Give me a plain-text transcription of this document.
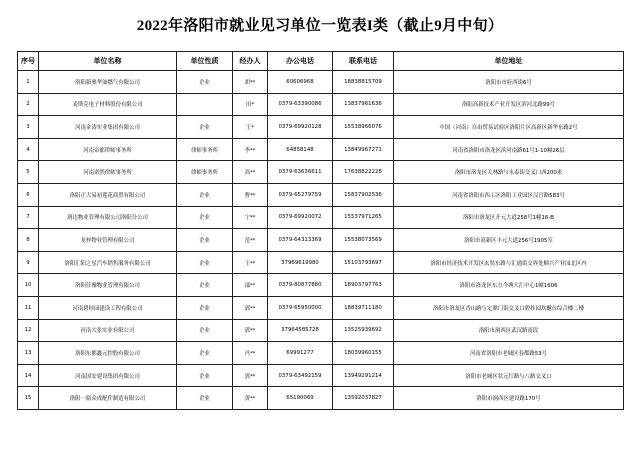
2022年洛阳市就业见习单位一览表I类（截止9月中旬）
序号	单位名称	单位性质	经办人	办公电话	联系电话	单位地址
1	洛阳新奥华油燃气有限公司	企业	胡**	60606968	18838815709	洛阳市市府西街6号
2	麦斯克电子材料股份有限公司		田*	0379-63390086	13837961636	洛阳高新技术产业开发区滨河北路99号
3	河南金涛实业集团有限公司	企业	王*	0379-69920128	15538966076	中国（河南）自由贸易试验区洛阳片区高新区新华东路2号
4	河南帝都律师事务所	律师事务所	李**	64858148	13849967271	河南省洛阳市洛龙区滨河南路61号1-10幢26层
5	河南诺然律师事务所	律师事务所	高**	0379-63636611	17638822228	洛阳市洛龙区关林路与永泰街交叉口西200米
6	洛阳正大易初莲花商贸有限公司	企业	曹**	0379-65279759	15837902536	河南省洛阳市西工区洛阳工业园区汉宫路583号
7	润达物业管理有限公司洛阳分公司	企业	宁**	0379-69920072	15537971265	洛阳市洛龙区开元大道258号1幢16-B
8	龙梓物业管理有限公司	企业	范**	0379-64313369	15538073569	洛阳市高新区丰元大道256号1905室
9	洛阳汇阳之星汽车销售服务有限公司	企业	王**	37969619980	15103793697	洛阳市经济技术开发区玄奘东路与汇通街交界处顺兴产业园北区内
10	洛阳佳豫物业管理有限公司	企业	邵**	0379-80877880	18903797763	洛阳市洛龙区东方今典大汇中心1幢1606
11	河南碧桂园建设工程有限公司	企业	郭**	0379-65950000	18839711180	洛阳市洛龙区香山路与定鼎门街交叉口碧桂园玖樾台综合楼二楼
12	河南大张实业有限公司	企业	郭**	37964585728	13525939692	洛阳市涧西区武汉路南段
13	洛阳东都鑫元控股有限公司	企业	冯**	69991277	18039960155	河南省洛阳市老城区春都路53号
14	河南国安建设集团有限公司	企业	郭**	0379-63492159	13949291214	洛阳市老城区状元红路与八路交叉口
15	洛阳一瓶众成配件制造有限公司	企业	黄**	65190069	13592037827	洛阳市涧西区建设路170号
